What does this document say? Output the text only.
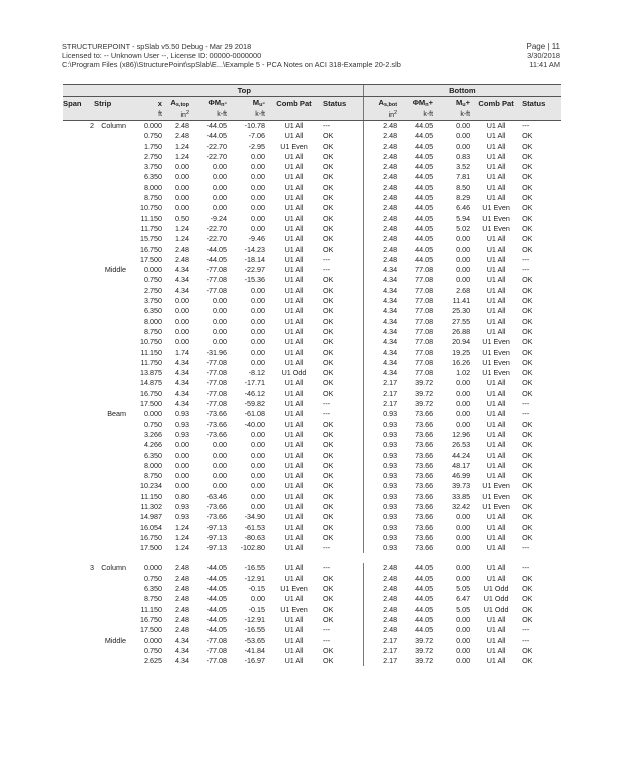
STRUCTUREPOINT - spSlab v5.50 Debug - Mar 29 2018
Licensed to: -- Unknown User --, License ID: 00000-0000000
C:\Program Files (x86)\StructurePoint\spSlab\E...\Example 5 - PCA Notes on ACI 318-Example 20-2.slb
Page | 11
3/30/2018
11:41 AM
		Top						Bottom				
Span	Strip	x	$A_{s,top}$	$\Phi M_n-$	$M_u-$	Comb Pat	Status	$A_{s,bot}$	$\Phi M_n+$	$M_u+$	Comb Pat	Status
		ft	$in^2$	k-ft	k-ft			$in^2$	k-ft	k-ft		
2	Column	0.000	2.48	-44.05	-10.78	U1 All	---	2.48	44.05	0.00	U1 All	---
		0.750	2.48	-44.05	-7.06	U1 All	OK	2.48	44.05	0.00	U1 All	OK
		1.750	1.24	-22.70	-2.95	U1 Even	OK	2.48	44.05	0.00	U1 All	OK
		2.750	1.24	-22.70	0.00	U1 All	OK	2.48	44.05	0.83	U1 All	OK
		3.750	0.00	0.00	0.00	U1 All	OK	2.48	44.05	3.52	U1 All	OK
		6.350	0.00	0.00	0.00	U1 All	OK	2.48	44.05	7.81	U1 All	OK
		8.000	0.00	0.00	0.00	U1 All	OK	2.48	44.05	8.50	U1 All	OK
		8.750	0.00	0.00	0.00	U1 All	OK	2.48	44.05	8.29	U1 All	OK
		10.750	0.00	0.00	0.00	U1 All	OK	2.48	44.05	6.46	U1 Even	OK
		11.150	0.50	-9.24	0.00	U1 All	OK	2.48	44.05	5.94	U1 Even	OK
		11.750	1.24	-22.70	0.00	U1 All	OK	2.48	44.05	5.02	U1 Even	OK
		15.750	1.24	-22.70	-9.46	U1 All	OK	2.48	44.05	0.00	U1 All	OK
		16.750	2.48	-44.05	-14.23	U1 All	OK	2.48	44.05	0.00	U1 All	OK
		17.500	2.48	-44.05	-18.14	U1 All	---	2.48	44.05	0.00	U1 All	---
	Middle	0.000	4.34	-77.08	-22.97	U1 All	---	4.34	77.08	0.00	U1 All	---
		0.750	4.34	-77.08	-15.36	U1 All	OK	4.34	77.08	0.00	U1 All	OK
		2.750	4.34	-77.08	0.00	U1 All	OK	4.34	77.08	2.68	U1 All	OK
		3.750	0.00	0.00	0.00	U1 All	OK	4.34	77.08	11.41	U1 All	OK
		6.350	0.00	0.00	0.00	U1 All	OK	4.34	77.08	25.30	U1 All	OK
		8.000	0.00	0.00	0.00	U1 All	OK	4.34	77.08	27.55	U1 All	OK
		8.750	0.00	0.00	0.00	U1 All	OK	4.34	77.08	26.88	U1 All	OK
		10.750	0.00	0.00	0.00	U1 All	OK	4.34	77.08	20.94	U1 Even	OK
		11.150	1.74	-31.96	0.00	U1 All	OK	4.34	77.08	19.25	U1 Even	OK
		11.750	4.34	-77.08	0.00	U1 All	OK	4.34	77.08	16.26	U1 Even	OK
		13.875	4.34	-77.08	-8.12	U1 Odd	OK	4.34	77.08	1.02	U1 Even	OK
		14.875	4.34	-77.08	-17.71	U1 All	OK	2.17	39.72	0.00	U1 All	OK
		16.750	4.34	-77.08	-46.12	U1 All	OK	2.17	39.72	0.00	U1 All	OK
		17.500	4.34	-77.08	-59.82	U1 All	---	2.17	39.72	0.00	U1 All	---
	Beam	0.000	0.93	-73.66	-61.08	U1 All	---	0.93	73.66	0.00	U1 All	---
		0.750	0.93	-73.66	-40.00	U1 All	OK	0.93	73.66	0.00	U1 All	OK
		3.266	0.93	-73.66	0.00	U1 All	OK	0.93	73.66	12.96	U1 All	OK
		4.266	0.00	0.00	0.00	U1 All	OK	0.93	73.66	26.53	U1 All	OK
		6.350	0.00	0.00	0.00	U1 All	OK	0.93	73.66	44.24	U1 All	OK
		8.000	0.00	0.00	0.00	U1 All	OK	0.93	73.66	48.17	U1 All	OK
		8.750	0.00	0.00	0.00	U1 All	OK	0.93	73.66	46.99	U1 All	OK
		10.234	0.00	0.00	0.00	U1 All	OK	0.93	73.66	39.73	U1 Even	OK
		11.150	0.80	-63.46	0.00	U1 All	OK	0.93	73.66	33.85	U1 Even	OK
		11.302	0.93	-73.66	0.00	U1 All	OK	0.93	73.66	32.42	U1 Even	OK
		14.987	0.93	-73.66	-34.90	U1 All	OK	0.93	73.66	0.00	U1 All	OK
		16.054	1.24	-97.13	-61.53	U1 All	OK	0.93	73.66	0.00	U1 All	OK
		16.750	1.24	-97.13	-80.63	U1 All	OK	0.93	73.66	0.00	U1 All	OK
		17.500	1.24	-97.13	-102.80	U1 All	---	0.93	73.66	0.00	U1 All	---

3	Column	0.000	2.48	-44.05	-16.55	U1 All	---	2.48	44.05	0.00	U1 All	---
		0.750	2.48	-44.05	-12.91	U1 All	OK	2.48	44.05	0.00	U1 All	OK
		6.350	2.48	-44.05	-0.15	U1 Even	OK	2.48	44.05	5.05	U1 Odd	OK
		8.750	2.48	-44.05	0.00	U1 All	OK	2.48	44.05	6.47	U1 Odd	OK
		11.150	2.48	-44.05	-0.15	U1 Even	OK	2.48	44.05	5.05	U1 Odd	OK
		16.750	2.48	-44.05	-12.91	U1 All	OK	2.48	44.05	0.00	U1 All	OK
		17.500	2.48	-44.05	-16.55	U1 All	---	2.48	44.05	0.00	U1 All	---
	Middle	0.000	4.34	-77.08	-53.65	U1 All	---	2.17	39.72	0.00	U1 All	---
		0.750	4.34	-77.08	-41.84	U1 All	OK	2.17	39.72	0.00	U1 All	OK
		2.625	4.34	-77.08	-16.97	U1 All	OK	2.17	39.72	0.00	U1 All	OK
